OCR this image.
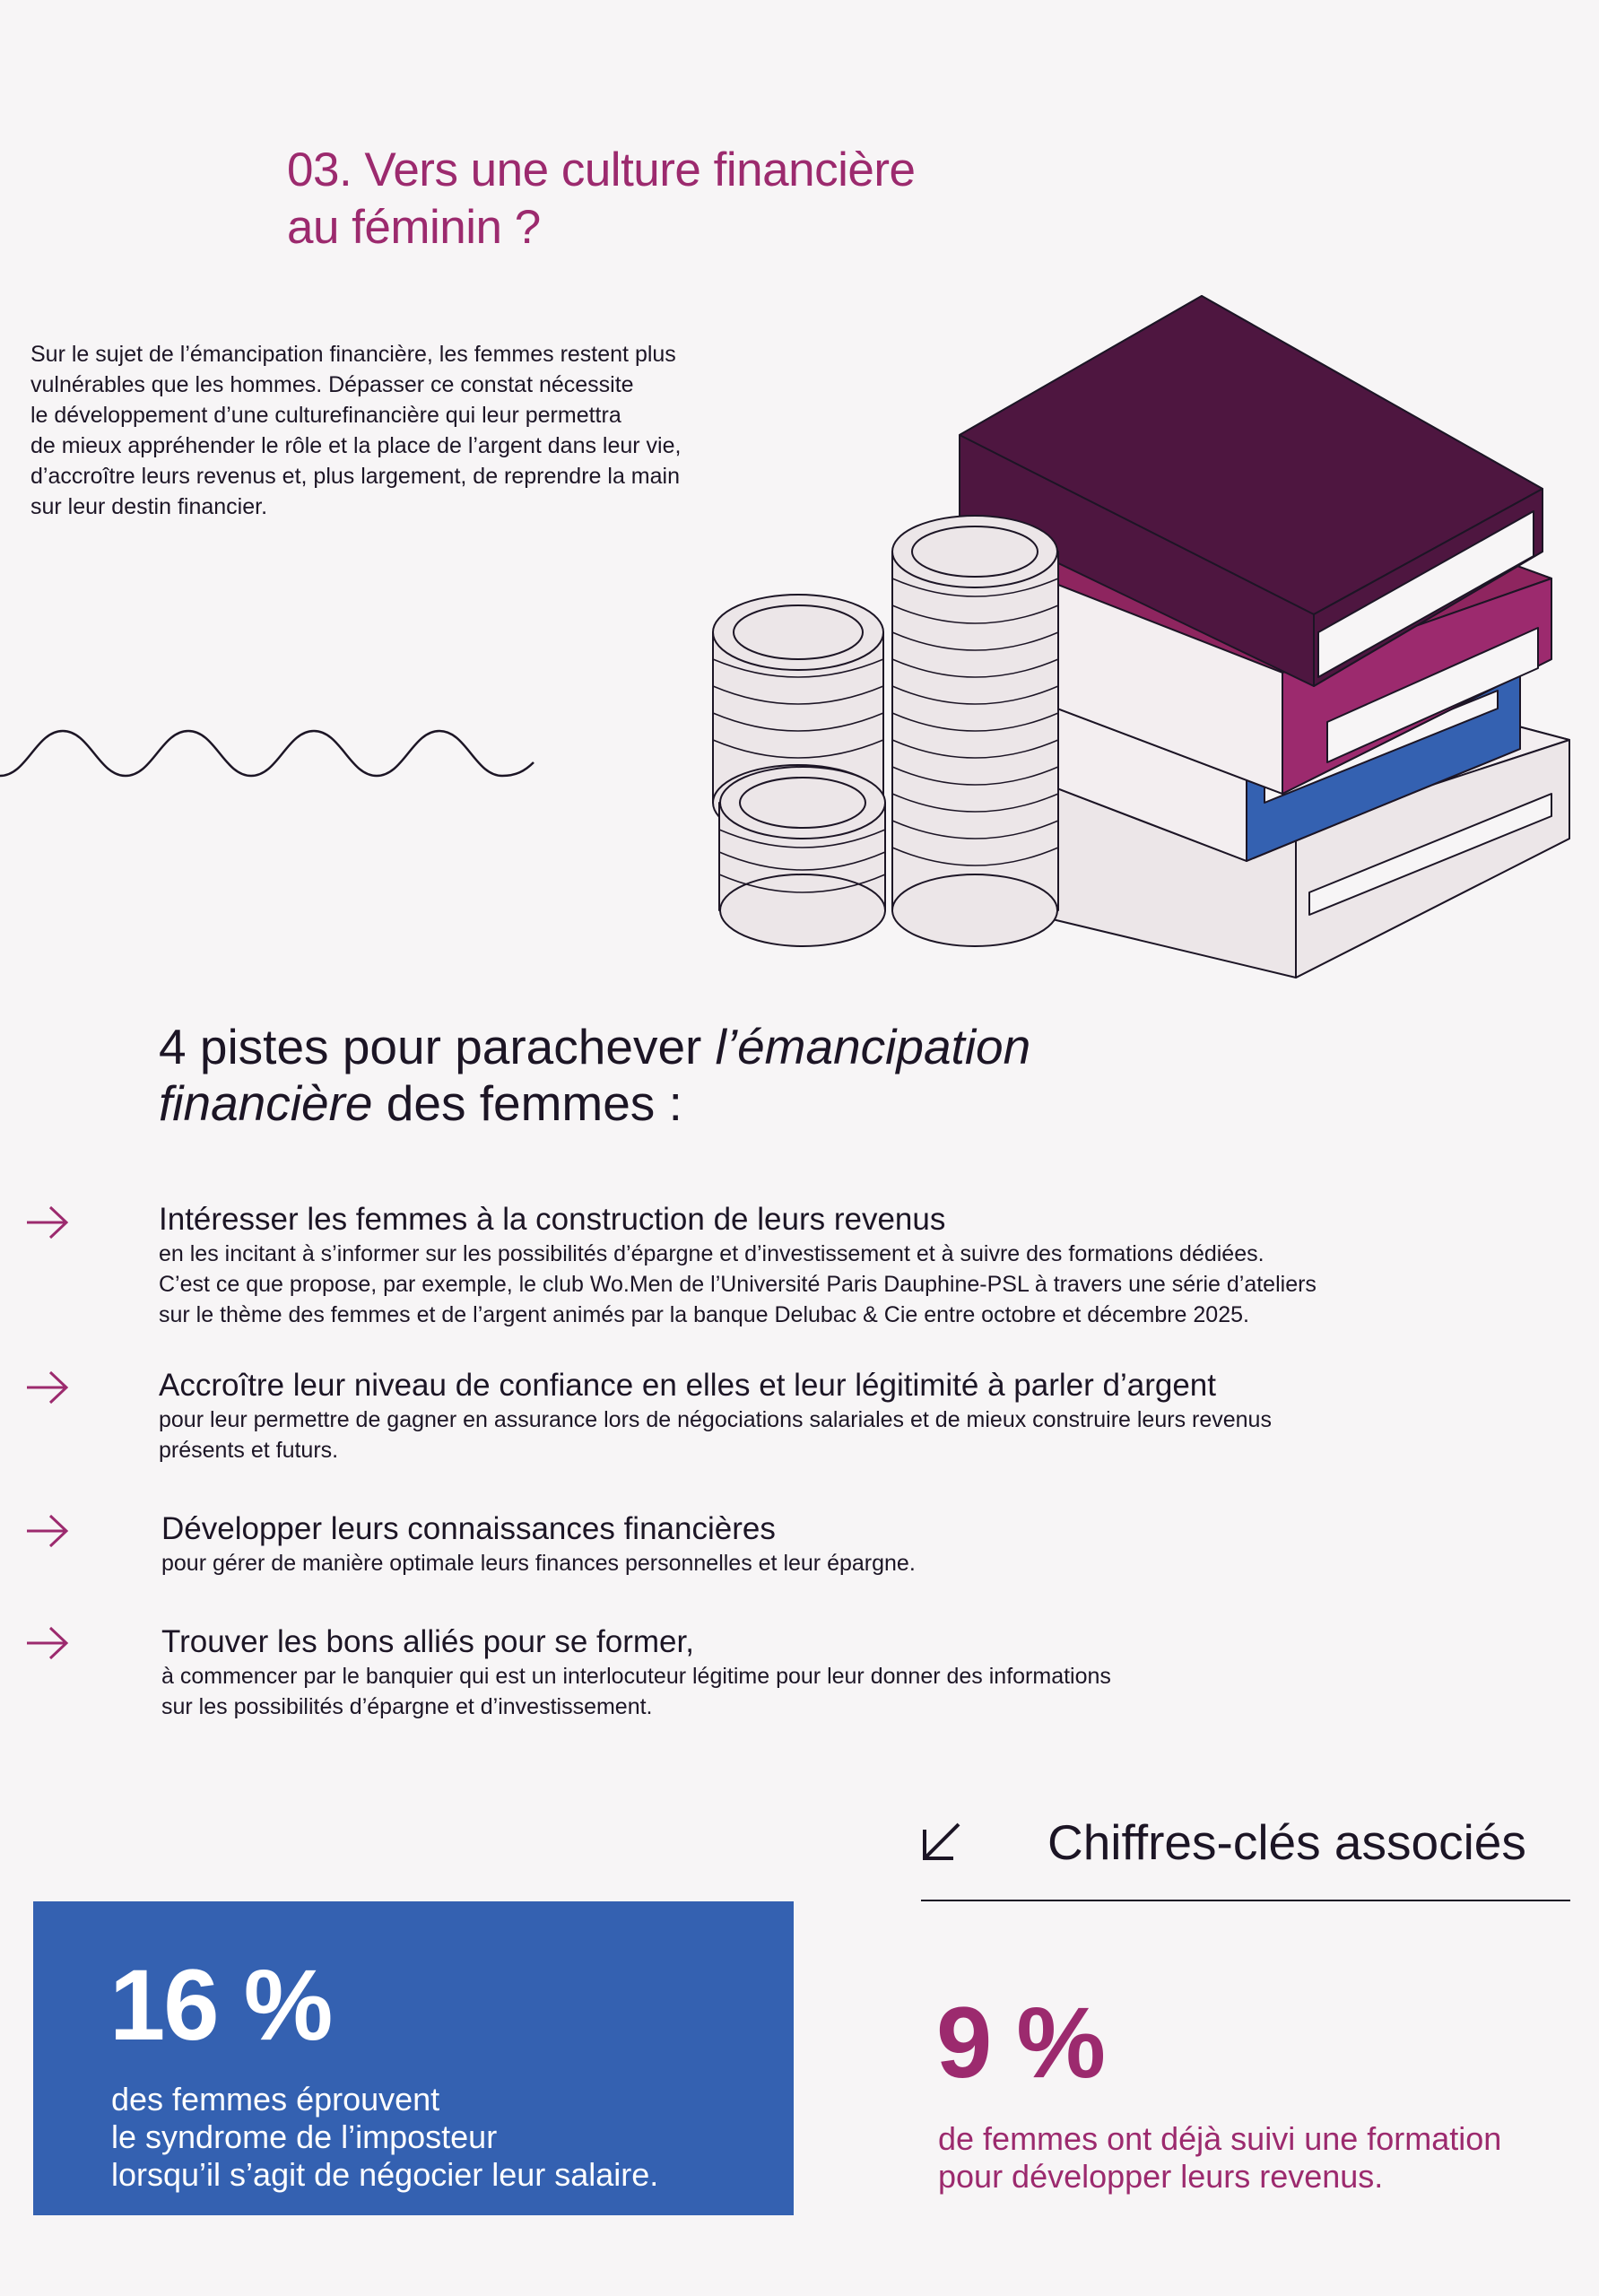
03. Vers une culture financière
au féminin ?
Sur le sujet de l’émancipation financière, les femmes restent plus
vulnérables que les hommes. Dépasser ce constat nécessite
le développement d’une culturefinancière qui leur permettra
de mieux appréhender le rôle et la place de l’argent dans leur vie,
d’accroître leurs revenus et, plus largement, de reprendre la main
sur leur destin financier.
4 pistes pour parachever l’émancipation
financière des femmes :
Intéresser les femmes à la construction de leurs revenus
en les incitant à s’informer sur les possibilités d’épargne et d’investissement et à suivre des formations dédiées.
C’est ce que propose, par exemple, le club Wo.Men de l’Université Paris Dauphine-PSL à travers une série d’ateliers
sur le thème des femmes et de l’argent animés par la banque Delubac & Cie entre octobre et décembre 2025.
Accroître leur niveau de confiance en elles et leur légitimité à parler d’argent
pour leur permettre de gagner en assurance lors de négociations salariales et de mieux construire leurs revenus
présents et futurs.
Développer leurs connaissances financières
pour gérer de manière optimale leurs finances personnelles et leur épargne.
Trouver les bons alliés pour se former,
à commencer par le banquier qui est un interlocuteur légitime pour leur donner des informations
sur les possibilités d’épargne et d’investissement.
Chiffres-clés associés
16 %
des femmes éprouvent
le syndrome de l’imposteur
lorsqu’il s’agit de négocier leur salaire.
9 %
de femmes ont déjà suivi une formation
pour développer leurs revenus.
